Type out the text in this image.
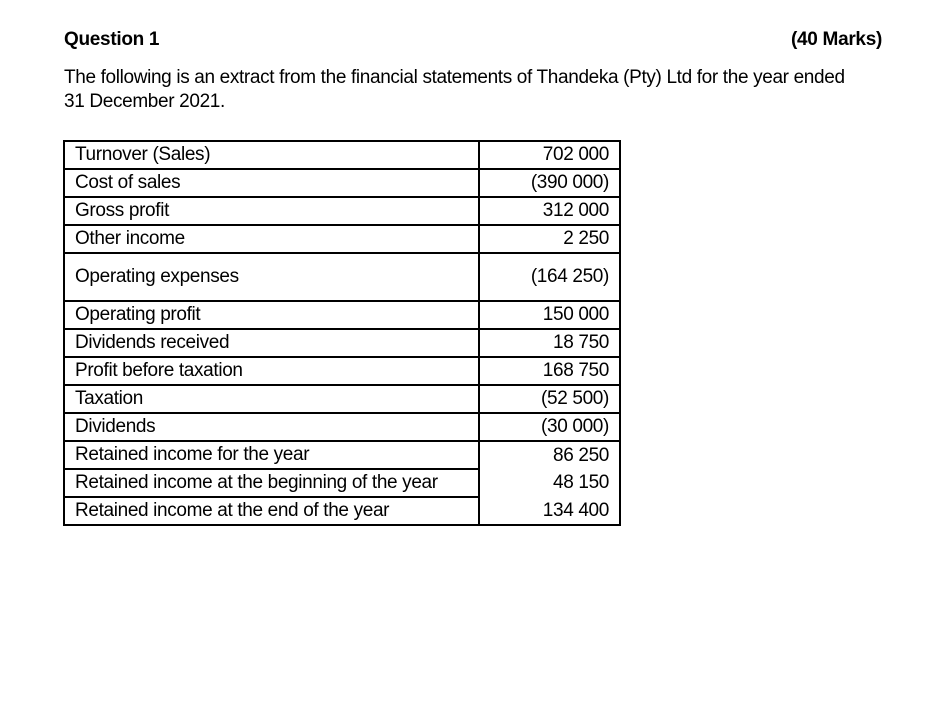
Question 1	(40 Marks)
The following is an extract from the financial statements of Thandeka (Pty) Ltd for the year ended 31 December 2021.
Turnover (Sales)	702 000
Cost of sales	(390 000)
Gross profit	312 000
Other income	2 250
Operating expenses	(164 250)
Operating profit	150 000
Dividends received	18 750
Profit before taxation	168 750
Taxation	(52 500)
Dividends	(30 000)
Retained income for the year	86 250
Retained income at the beginning of the year	48 150
Retained income at the end of the year	134 400
